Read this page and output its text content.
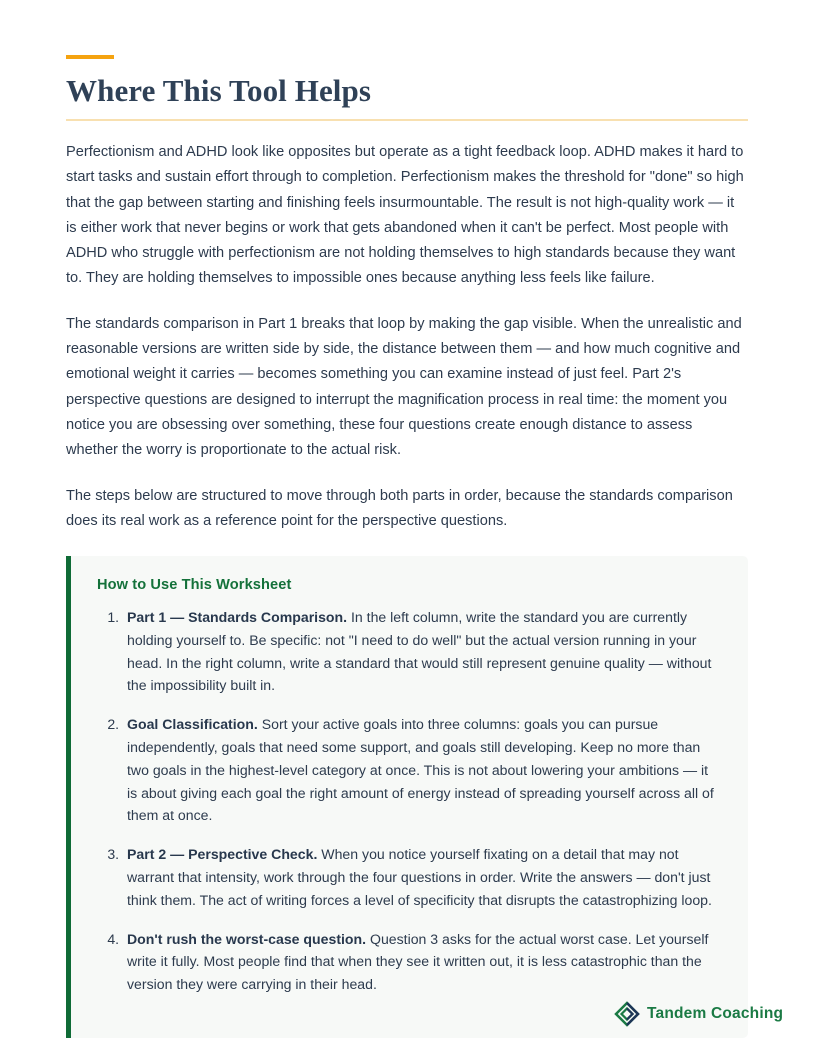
Where This Tool Helps

Perfectionism and ADHD look like opposites but operate as a tight feedback loop. ADHD makes it hard to start tasks and sustain effort through to completion. Perfectionism makes the threshold for "done" so high that the gap between starting and finishing feels insurmountable. The result is not high-quality work — it is either work that never begins or work that gets abandoned when it can't be perfect. Most people with ADHD who struggle with perfectionism are not holding themselves to high standards because they want to. They are holding themselves to impossible ones because anything less feels like failure.

The standards comparison in Part 1 breaks that loop by making the gap visible. When the unrealistic and reasonable versions are written side by side, the distance between them — and how much cognitive and emotional weight it carries — becomes something you can examine instead of just feel. Part 2's perspective questions are designed to interrupt the magnification process in real time: the moment you notice you are obsessing over something, these four questions create enough distance to assess whether the worry is proportionate to the actual risk.

The steps below are structured to move through both parts in order, because the standards comparison does its real work as a reference point for the perspective questions.

How to Use This Worksheet
1. Part 1 — Standards Comparison. In the left column, write the standard you are currently holding yourself to. Be specific: not "I need to do well" but the actual version running in your head. In the right column, write a standard that would still represent genuine quality — without the impossibility built in.
2. Goal Classification. Sort your active goals into three columns: goals you can pursue independently, goals that need some support, and goals still developing. Keep no more than two goals in the highest-level category at once. This is not about lowering your ambitions — it is about giving each goal the right amount of energy instead of spreading yourself across all of them at once.
3. Part 2 — Perspective Check. When you notice yourself fixating on a detail that may not warrant that intensity, work through the four questions in order. Write the answers — don't just think them. The act of writing forces a level of specificity that disrupts the catastrophizing loop.
4. Don't rush the worst-case question. Question 3 asks for the actual worst case. Let yourself write it fully. Most people find that when they see it written out, it is less catastrophic than the version they were carrying in their head.
Tandem Coaching
